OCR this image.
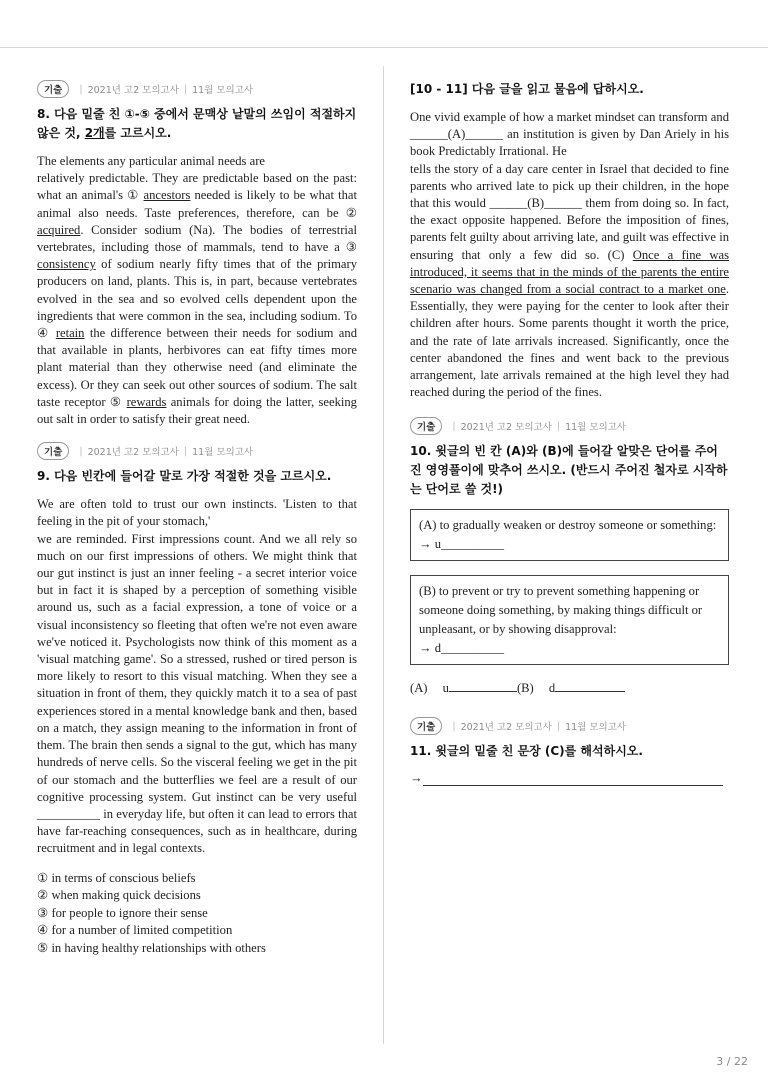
기출	| 2021년 고2 모의고사 | 11월 모의고사
8. 다음 밑줄 친 ①-⑤ 중에서 문맥상 낱말의 쓰임이 적절하지 않은 것, 2개를 고르시오.

The elements any particular animal needs are

relatively predictable. They are predictable based on the past: what an animal's ① ancestors needed is likely to be what that animal also needs. Taste preferences, therefore, can be ② acquired. Consider sodium (Na). The bodies of terrestrial vertebrates, including those of mammals, tend to have a ③ consistency of sodium nearly fifty times that of the primary producers on land, plants. This is, in part, because vertebrates evolved in the sea and so evolved cells dependent upon the ingredients that were common in the sea, including sodium. To ④ retain the difference between their needs for sodium and that available in plants, herbivores can eat fifty times more plant material than they otherwise need (and eliminate the excess). Or they can seek out other sources of sodium. The salt taste receptor ⑤ rewards animals for doing the latter, seeking out salt in order to satisfy their great need.

기출	| 2021년 고2 모의고사 | 11월 모의고사
9. 다음 빈칸에 들어갈 말로 가장 적절한 것을 고르시오.

We are often told to trust our own instincts. 'Listen to that feeling in the pit of your stomach,'

we are reminded. First impressions count. And we all rely so much on our first impressions of others. We might think that our gut instinct is just an inner feeling - a secret interior voice but in fact it is shaped by a perception of something visible around us, such as a facial expression, a tone of voice or a visual inconsistency so fleeting that often we're not even aware we've noticed it. Psychologists now think of this moment as a 'visual matching game'. So a stressed, rushed or tired person is more likely to resort to this visual matching. When they see a situation in front of them, they quickly match it to a sea of past experiences stored in a mental knowledge bank and then, based on a match, they assign meaning to the information in front of them. The brain then sends a signal to the gut, which has many hundreds of nerve cells. So the visceral feeling we get in the pit of our stomach and the butterflies we feel are a result of our cognitive processing system. Gut instinct can be very useful __________ in everyday life, but often it can lead to errors that have far-reaching consequences, such as in healthcare, during recruitment and in legal contexts.

① in terms of conscious beliefs
② when making quick decisions
③ for people to ignore their sense
④ for a number of limited competition
⑤ in having healthy relationships with others
[10 - 11] 다음 글을 읽고 물음에 답하시오.

One vivid example of how a market mindset can transform and ______(A)______ an institution is given by Dan Ariely in his book Predictably Irrational. He

tells the story of a day care center in Israel that decided to fine parents who arrived late to pick up their children, in the hope that this would ______(B)______ them from doing so. In fact, the exact opposite happened. Before the imposition of fines, parents felt guilty about arriving late, and guilt was effective in ensuring that only a few did so. (C) Once a fine was introduced, it seems that in the minds of the parents the entire scenario was changed from a social contract to a market one. Essentially, they were paying for the center to look after their children after hours. Some parents thought it worth the price, and the rate of late arrivals increased. Significantly, once the center abandoned the fines and went back to the previous arrangement, late arrivals remained at the high level they had reached during the period of the fines.

기출	| 2021년 고2 모의고사 | 11월 모의고사
10. 윗글의 빈 칸 (A)와 (B)에 들어갈 알맞은 단어를 주어진 영영풀이에 맞추어 쓰시오. (반드시 주어진 철자로 시작하는 단어로 쓸 것!)
(A) to gradually weaken or destroy someone or something:
→ u__________
(B) to prevent or try to prevent something happening or someone doing something, by making things difficult or unpleasant, or by showing disapproval:
→ d__________
(A) u	(B) d
기출	| 2021년 고2 모의고사 | 11월 모의고사
11. 윗글의 밑줄 친 문장 (C)를 해석하시오.
→
3 / 22
